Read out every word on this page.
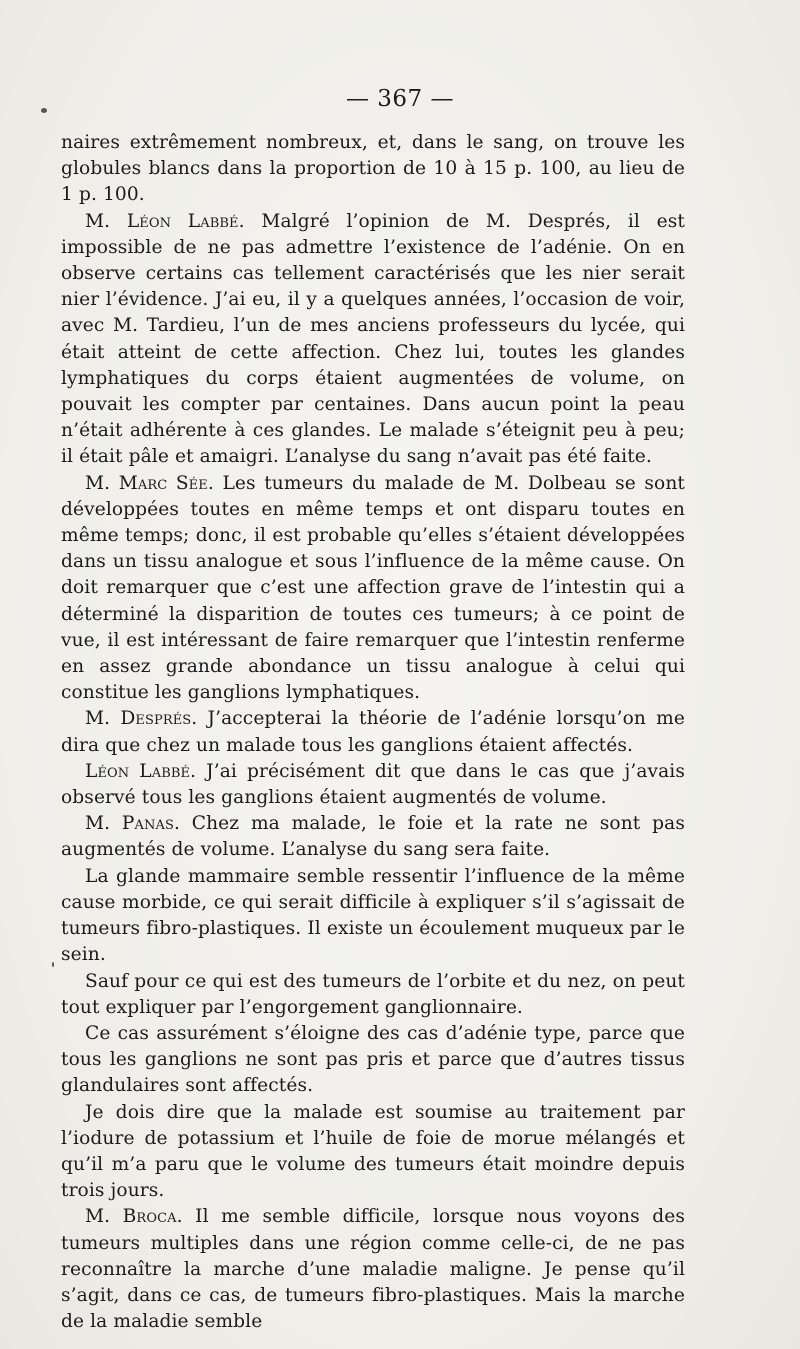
— 367 —

naires extrêmement nombreux, et, dans le sang, on trouve les globules blancs dans la proportion de 10 à 15 p. 100, au lieu de 1 p. 100.

M. Léon Labbé. Malgré l’opinion de M. Després, il est impossible de ne pas admettre l’existence de l’adénie. On en observe certains cas tellement caractérisés que les nier serait nier l’évidence. J’ai eu, il y a quelques années, l’occasion de voir, avec M. Tardieu, l’un de mes anciens professeurs du lycée, qui était atteint de cette affection. Chez lui, toutes les glandes lymphatiques du corps étaient augmentées de volume, on pouvait les compter par centaines. Dans aucun point la peau n’était adhérente à ces glandes. Le malade s’éteignit peu à peu; il était pâle et amaigri. L’analyse du sang n’avait pas été faite.

M. Marc Sée. Les tumeurs du malade de M. Dolbeau se sont développées toutes en même temps et ont disparu toutes en même temps; donc, il est probable qu’elles s’étaient développées dans un tissu analogue et sous l’influence de la même cause. On doit remarquer que c’est une affection grave de l’intestin qui a déterminé la disparition de toutes ces tumeurs; à ce point de vue, il est intéressant de faire remarquer que l’intestin renferme en assez grande abondance un tissu analogue à celui qui constitue les ganglions lymphatiques.

M. Després. J’accepterai la théorie de l’adénie lorsqu’on me dira que chez un malade tous les ganglions étaient affectés.

Léon Labbé. J’ai précisément dit que dans le cas que j’avais observé tous les ganglions étaient augmentés de volume.

M. Panas. Chez ma malade, le foie et la rate ne sont pas augmentés de volume. L’analyse du sang sera faite.

La glande mammaire semble ressentir l’influence de la même cause morbide, ce qui serait difficile à expliquer s’il s’agissait de tumeurs fibro-plastiques. Il existe un écoulement muqueux par le sein.

Sauf pour ce qui est des tumeurs de l’orbite et du nez, on peut tout expliquer par l’engorgement ganglionnaire.

Ce cas assurément s’éloigne des cas d’adénie type, parce que tous les ganglions ne sont pas pris et parce que d’autres tissus glandulaires sont affectés.

Je dois dire que la malade est soumise au traitement par l’iodure de potassium et l’huile de foie de morue mélangés et qu’il m’a paru que le volume des tumeurs était moindre depuis trois jours.

M. Broca. Il me semble difficile, lorsque nous voyons des tumeurs multiples dans une région comme celle-ci, de ne pas reconnaître la marche d’une maladie maligne. Je pense qu’il s’agit, dans ce cas, de tumeurs fibro-plastiques. Mais la marche de la maladie semble
